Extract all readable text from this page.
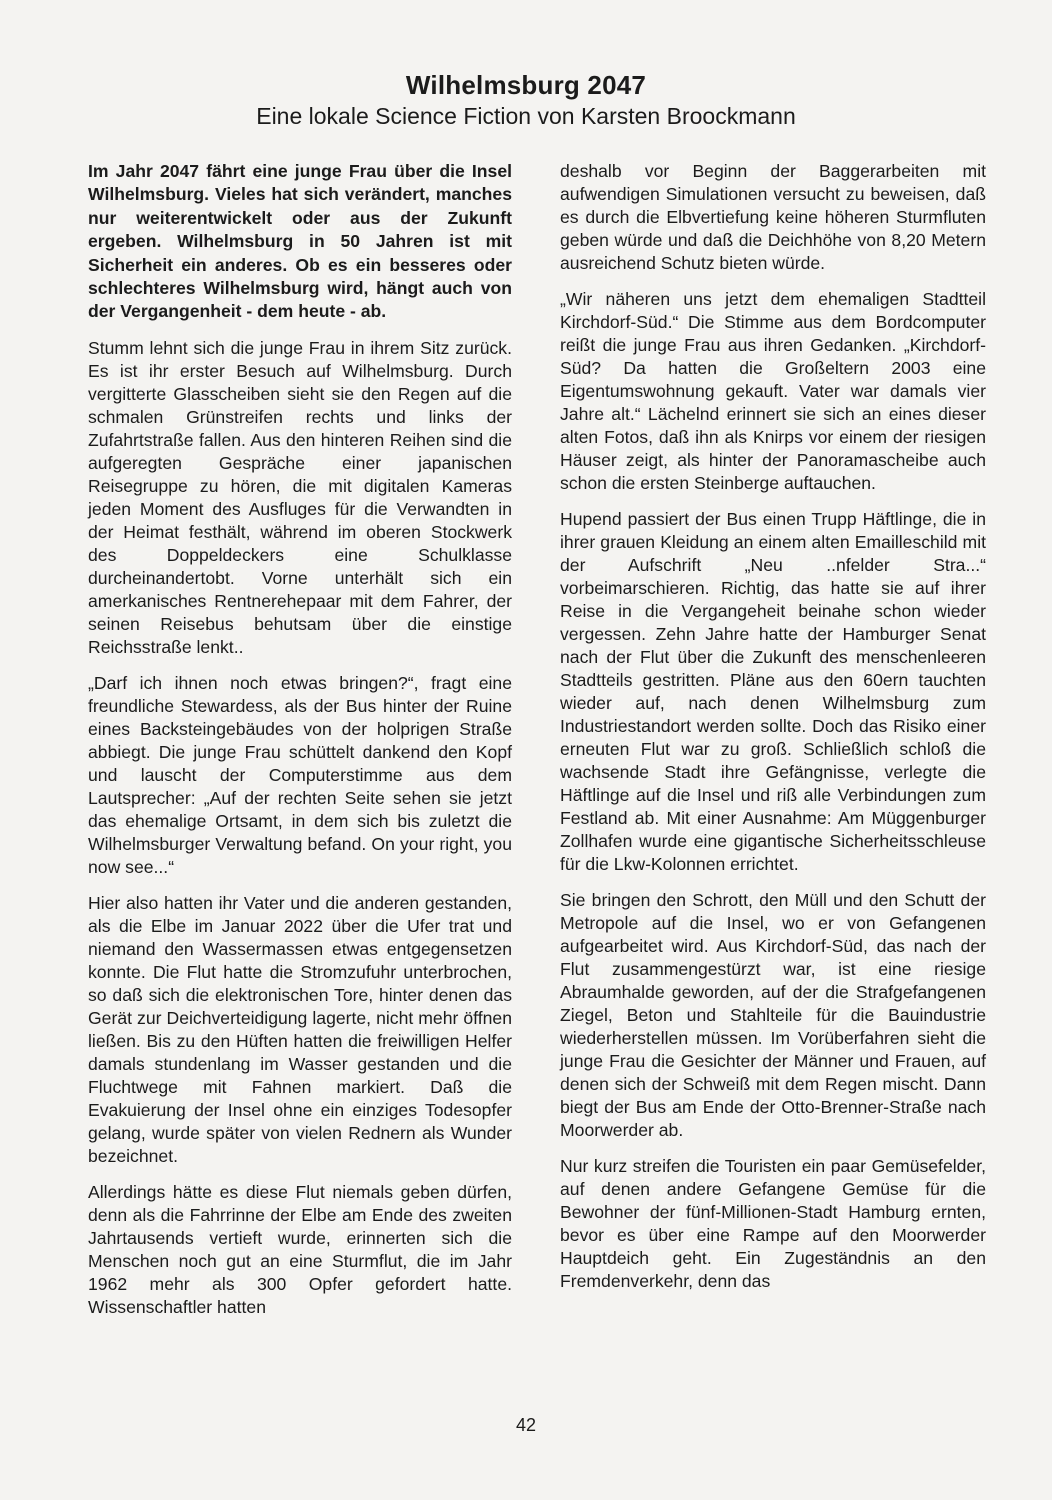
Wilhelmsburg 2047
Eine lokale Science Fiction von Karsten Broockmann

Im Jahr 2047 fährt eine junge Frau über die Insel Wilhelmsburg. Vieles hat sich verändert, manches nur weiterentwickelt oder aus der Zukunft ergeben. Wilhelmsburg in 50 Jahren ist mit Sicherheit ein anderes. Ob es ein besseres oder schlechteres Wilhelmsburg wird, hängt auch von der Vergangenheit - dem heute - ab.

Stumm lehnt sich die junge Frau in ihrem Sitz zurück. Es ist ihr erster Besuch auf Wilhelmsburg. Durch vergitterte Glasscheiben sieht sie den Regen auf die schmalen Grünstreifen rechts und links der Zufahrtstraße fallen. Aus den hinteren Reihen sind die aufgeregten Gespräche einer japanischen Reisegruppe zu hören, die mit digitalen Kameras jeden Moment des Ausfluges für die Verwandten in der Heimat festhält, während im oberen Stockwerk des Doppeldeckers eine Schulklasse durcheinandertobt. Vorne unterhält sich ein amerkanisches Rentnerehepaar mit dem Fahrer, der seinen Reisebus behutsam über die einstige Reichsstraße lenkt..

„Darf ich ihnen noch etwas bringen?“, fragt eine freundliche Stewardess, als der Bus hinter der Ruine eines Backsteingebäudes von der holprigen Straße abbiegt. Die junge Frau schüttelt dankend den Kopf und lauscht der Computerstimme aus dem Lautsprecher: „Auf der rechten Seite sehen sie jetzt das ehemalige Ortsamt, in dem sich bis zuletzt die Wilhelmsburger Verwaltung befand. On your right, you now see...“

Hier also hatten ihr Vater und die anderen gestanden, als die Elbe im Januar 2022 über die Ufer trat und niemand den Wassermassen etwas entgegensetzen konnte. Die Flut hatte die Stromzufuhr unterbrochen, so daß sich die elektronischen Tore, hinter denen das Gerät zur Deichverteidigung lagerte, nicht mehr öffnen ließen. Bis zu den Hüften hatten die freiwilligen Helfer damals stundenlang im Wasser gestanden und die Fluchtwege mit Fahnen markiert. Daß die Evakuierung der Insel ohne ein einziges Todesopfer gelang, wurde später von vielen Rednern als Wunder bezeichnet.

Allerdings hätte es diese Flut niemals geben dürfen, denn als die Fahrrinne der Elbe am Ende des zweiten Jahrtausends vertieft wurde, erinnerten sich die Menschen noch gut an eine Sturmflut, die im Jahr 1962 mehr als 300 Opfer gefordert hatte. Wissenschaftler hatten

deshalb vor Beginn der Baggerarbeiten mit aufwendigen Simulationen versucht zu beweisen, daß es durch die Elbvertiefung keine höheren Sturmfluten geben würde und daß die Deichhöhe von 8,20 Metern ausreichend Schutz bieten würde.

„Wir näheren uns jetzt dem ehemaligen Stadtteil Kirchdorf-Süd.“ Die Stimme aus dem Bordcomputer reißt die junge Frau aus ihren Gedanken. „Kirchdorf-Süd? Da hatten die Großeltern 2003 eine Eigentumswohnung gekauft. Vater war damals vier Jahre alt.“ Lächelnd erinnert sie sich an eines dieser alten Fotos, daß ihn als Knirps vor einem der riesigen Häuser zeigt, als hinter der Panoramascheibe auch schon die ersten Steinberge auftauchen.

Hupend passiert der Bus einen Trupp Häftlinge, die in ihrer grauen Kleidung an einem alten Emailleschild mit der Aufschrift „Neu ..nfelder Stra...“ vorbeimarschieren. Richtig, das hatte sie auf ihrer Reise in die Vergangeheit beinahe schon wieder vergessen. Zehn Jahre hatte der Hamburger Senat nach der Flut über die Zukunft des menschenleeren Stadtteils gestritten. Pläne aus den 60ern tauchten wieder auf, nach denen Wilhelmsburg zum Industriestandort werden sollte. Doch das Risiko einer erneuten Flut war zu groß. Schließlich schloß die wachsende Stadt ihre Gefängnisse, verlegte die Häftlinge auf die Insel und riß alle Verbindungen zum Festland ab. Mit einer Ausnahme: Am Müggenburger Zollhafen wurde eine gigantische Sicherheitsschleuse für die Lkw-Kolonnen errichtet.

Sie bringen den Schrott, den Müll und den Schutt der Metropole auf die Insel, wo er von Gefangenen aufgearbeitet wird. Aus Kirchdorf-Süd, das nach der Flut zusammengestürzt war, ist eine riesige Abraumhalde geworden, auf der die Strafgefangenen Ziegel, Beton und Stahlteile für die Bauindustrie wiederherstellen müssen. Im Vorüberfahren sieht die junge Frau die Gesichter der Männer und Frauen, auf denen sich der Schweiß mit dem Regen mischt. Dann biegt der Bus am Ende der Otto-Brenner-Straße nach Moorwerder ab.

Nur kurz streifen die Touristen ein paar Gemüsefelder, auf denen andere Gefangene Gemüse für die Bewohner der fünf-Millionen-Stadt Hamburg ernten, bevor es über eine Rampe auf den Moorwerder Hauptdeich geht. Ein Zugeständnis an den Fremdenverkehr, denn das

42
